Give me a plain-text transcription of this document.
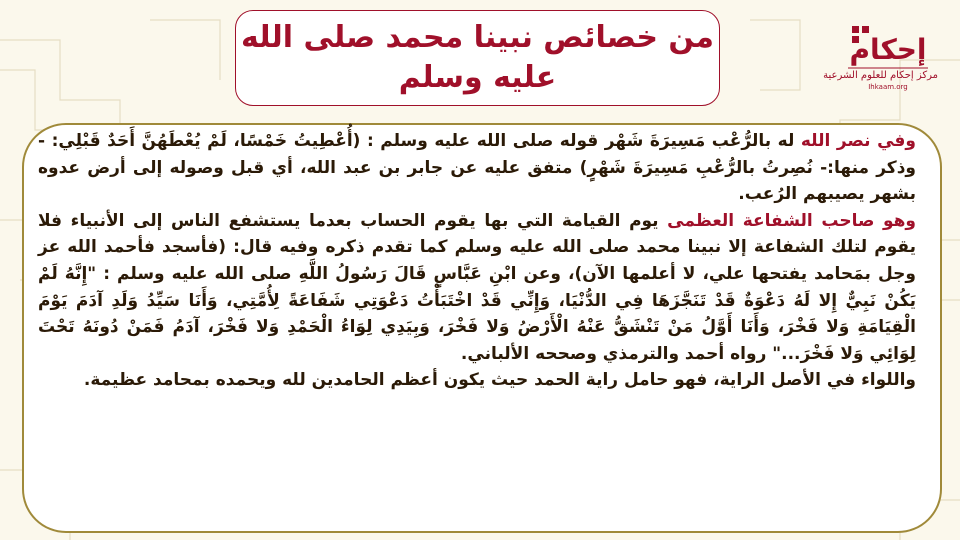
من خصائص نبينا محمد صلى الله
عليه وسلم
إحكام
مركز إحكام للعلوم الشرعية
Ihkaam.org

وفي نصر الله له بالرُّعْب مَسِيرَةَ شَهْر قوله صلى الله عليه وسلم : (أُعْطِيتُ خَمْسًا، لَمْ يُعْطَهُنَّ أَحَدٌ قَبْلِي: - وذكر منها:- نُصِرتُ بالرُّعْبِ مَسِيرَةَ شَهْرٍ) متفق عليه عن جابر بن عبد الله، أي قبل وصوله إلى أرض عدوه بشهر يصيبهم الرُعب.

وهو صاحب الشفاعة العظمى يوم القيامة التي بها يقوم الحساب بعدما يستشفع الناس إلى الأنبياء فلا يقوم لتلك الشفاعة إلا نبينا محمد صلى الله عليه وسلم كما تقدم ذكره وفيه قال: (فأسجد فأحمد الله عز وجل بمَحامد يفتحها علي، لا أعلمها الآن)، وعن ابْنِ عَبَّاسٍ قَالَ رَسُولُ اللَّهِ صلى الله عليه وسلم : "إِنَّهُ لَمْ يَكُنْ نَبِيٌّ إِلا لَهُ دَعْوَةٌ قَدْ تَنَجَّزَهَا فِي الدُّنْيَا، وَإِنِّي قَدْ اخْتَبَأْتُ دَعْوَتِي شَفَاعَةً لِأُمَّتِي، وَأَنَا سَيِّدُ وَلَدِ آدَمَ يَوْمَ الْقِيَامَةِ وَلا فَخْرَ، وَأَنَا أَوَّلُ مَنْ تَنْشَقُّ عَنْهُ الْأَرْضُ وَلا فَخْرَ، وَبِيَدِي لِوَاءُ الْحَمْدِ وَلا فَخْرَ، آدَمُ فَمَنْ دُونَهُ تَحْتَ لِوَائِي وَلا فَخْرَ..." رواه أحمد والترمذي وصححه الألباني.

واللواء في الأصل الراية، فهو حامل راية الحمد حيث يكون أعظم الحامدين لله ويحمده بمحامد عظيمة.
